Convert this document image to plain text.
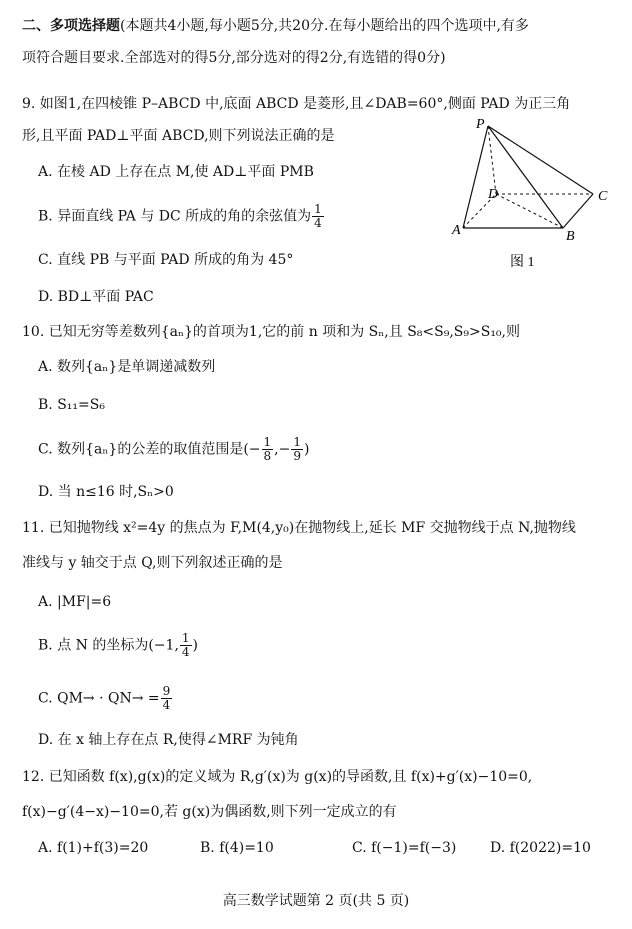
二、多项选择题(本题共4小题,每小题5分,共20分.在每小题给出的四个选项中,有多
项符合题目要求.全部选对的得5分,部分选对的得2分,有选错的得0分)
9. 如图1,在四棱锥 P–ABCD 中,底面 ABCD 是菱形,且∠DAB=60°,侧面 PAD 为正三角
形,且平面 PAD⊥平面 ABCD,则下列说法正确的是
A. 在棱 AD 上存在点 M,使 AD⊥平面 PMB
B. 异面直线 PA 与 DC 所成的角的余弦值为 $\frac{1}{4}$
C. 直线 PB 与平面 PAD 所成的角为 45°
D. BD⊥平面 PAC
P
D	C
A	B
图 1
10. 已知无穷等差数列{aₙ}的首项为1,它的前 n 项和为 Sₙ,且 S₈<S₉,S₉>S₁₀,则
A. 数列{aₙ}是单调递减数列
B. S₁₁=S₆
C. 数列{aₙ}的公差的取值范围是(− $\frac{1}{8}$ ,− $\frac{1}{9}$ )
D. 当 n≤16 时,Sₙ>0
11. 已知抛物线 x²=4y 的焦点为 F,M(4,y₀)在抛物线上,延长 MF 交抛物线于点 N,抛物线
准线与 y 轴交于点 Q,则下列叙述正确的是
A. |MF|=6
B. 点 N 的坐标为(−1, $\frac{1}{4}$ )
C. $QM\to \cdot QN\to = \frac{9}{4}$
D. 在 x 轴上存在点 R,使得∠MRF 为钝角
12. 已知函数 f(x),g(x)的定义域为 R,g′(x)为 g(x)的导函数,且 f(x)+g′(x)−10=0,
f(x)−g′(4−x)−10=0,若 g(x)为偶函数,则下列一定成立的有
A. f(1)+f(3)=20	B. f(4)=10	C. f(−1)=f(−3) D. f(2022)=10
高三数学试题第 2 页(共 5 页)
